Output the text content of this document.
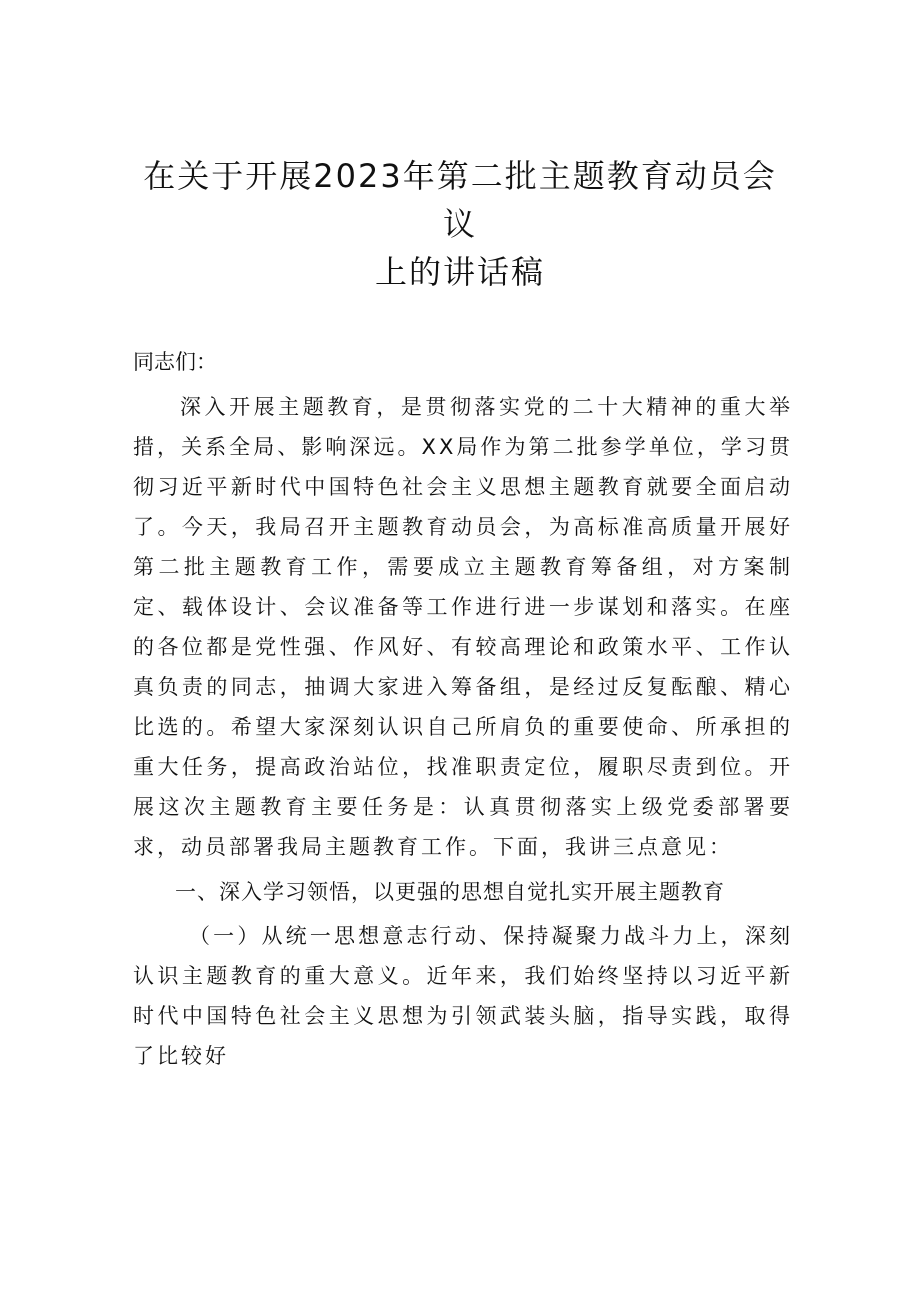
在关于开展2023年第二批主题教育动员会
议
上的讲话稿

同志们：

深入开展主题教育，是贯彻落实党的二十大精神的重大举措，关系全局、影响深远。XX局作为第二批参学单位，学习贯彻习近平新时代中国特色社会主义思想主题教育就要全面启动了。今天，我局召开主题教育动员会，为高标准高质量开展好第二批主题教育工作，需要成立主题教育筹备组，对方案制定、载体设计、会议准备等工作进行进一步谋划和落实。在座的各位都是党性强、作风好、有较高理论和政策水平、工作认真负责的同志，抽调大家进入筹备组，是经过反复酝酿、精心比选的。希望大家深刻认识自己所肩负的重要使命、所承担的重大任务，提高政治站位，找准职责定位，履职尽责到位。开展这次主题教育主要任务是：认真贯彻落实上级党委部署要求，动员部署我局主题教育工作。下面，我讲三点意见：

一、深入学习领悟，以更强的思想自觉扎实开展主题教育

（一）从统一思想意志行动、保持凝聚力战斗力上，深刻认识主题教育的重大意义。近年来，我们始终坚持以习近平新时代中国特色社会主义思想为引领武装头脑，指导实践，取得了比较好
